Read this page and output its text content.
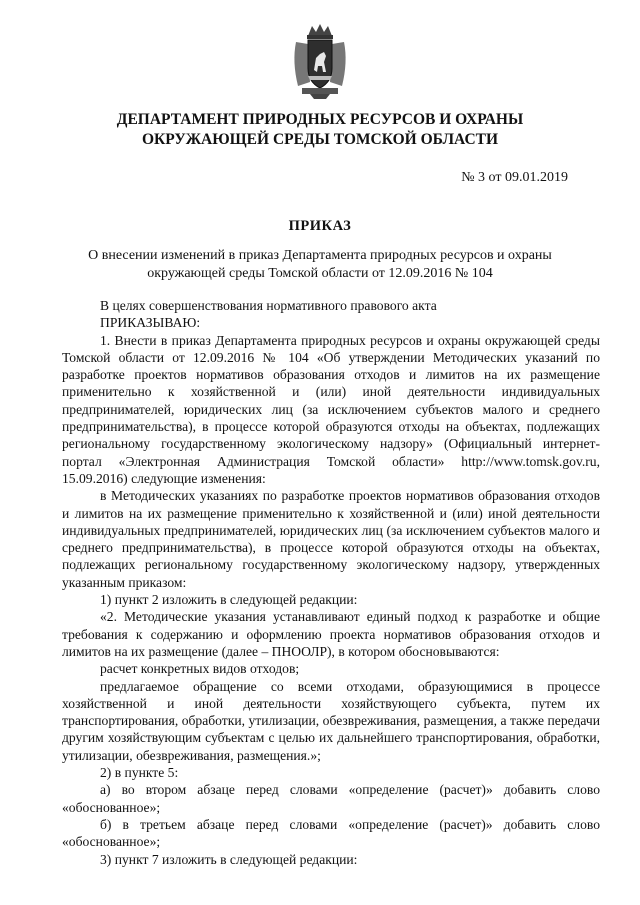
ДЕПАРТАМЕНТ ПРИРОДНЫХ РЕСУРСОВ И ОХРАНЫ
ОКРУЖАЮЩЕЙ СРЕДЫ ТОМСКОЙ ОБЛАСТИ
№ 3 от 09.01.2019
ПРИКАЗ
О внесении изменений в приказ Департамента природных ресурсов и охраны
окружающей среды Томской области от 12.09.2016 № 104

В целях совершенствования нормативного правового акта

ПРИКАЗЫВАЮ:

1. Внести в приказ Департамента природных ресурсов и охраны окружающей среды Томской области от 12.09.2016 № 104 «Об утверждении Методических указаний по разработке проектов нормативов образования отходов и лимитов на их размещение применительно к хозяйственной и (или) иной деятельности индивидуальных предпринимателей, юридических лиц (за исключением субъектов малого и среднего предпринимательства), в процессе которой образуются отходы на объектах, подлежащих региональному государственному экологическому надзору» (Официальный интернет-портал «Электронная Администрация Томской области» http://www.tomsk.gov.ru, 15.09.2016) следующие изменения:

в Методических указаниях по разработке проектов нормативов образования отходов и лимитов на их размещение применительно к хозяйственной и (или) иной деятельности индивидуальных предпринимателей, юридических лиц (за исключением субъектов малого и среднего предпринимательства), в процессе которой образуются отходы на объектах, подлежащих региональному государственному экологическому надзору, утвержденных указанным приказом:

1) пункт 2 изложить в следующей редакции:

«2. Методические указания устанавливают единый подход к разработке и общие требования к содержанию и оформлению проекта нормативов образования отходов и лимитов на их размещение (далее – ПНООЛР), в котором обосновываются:

расчет конкретных видов отходов;

предлагаемое обращение со всеми отходами, образующимися в процессе хозяйственной и иной деятельности хозяйствующего субъекта, путем их транспортирования, обработки, утилизации, обезвреживания, размещения, а также передачи другим хозяйствующим субъектам с целью их дальнейшего транспортирования, обработки, утилизации, обезвреживания, размещения.»;

2) в пункте 5:

а) во втором абзаце перед словами «определение (расчет)» добавить слово «обоснованное»;

б) в третьем абзаце перед словами «определение (расчет)» добавить слово «обоснованное»;

3) пункт 7 изложить в следующей редакции:
